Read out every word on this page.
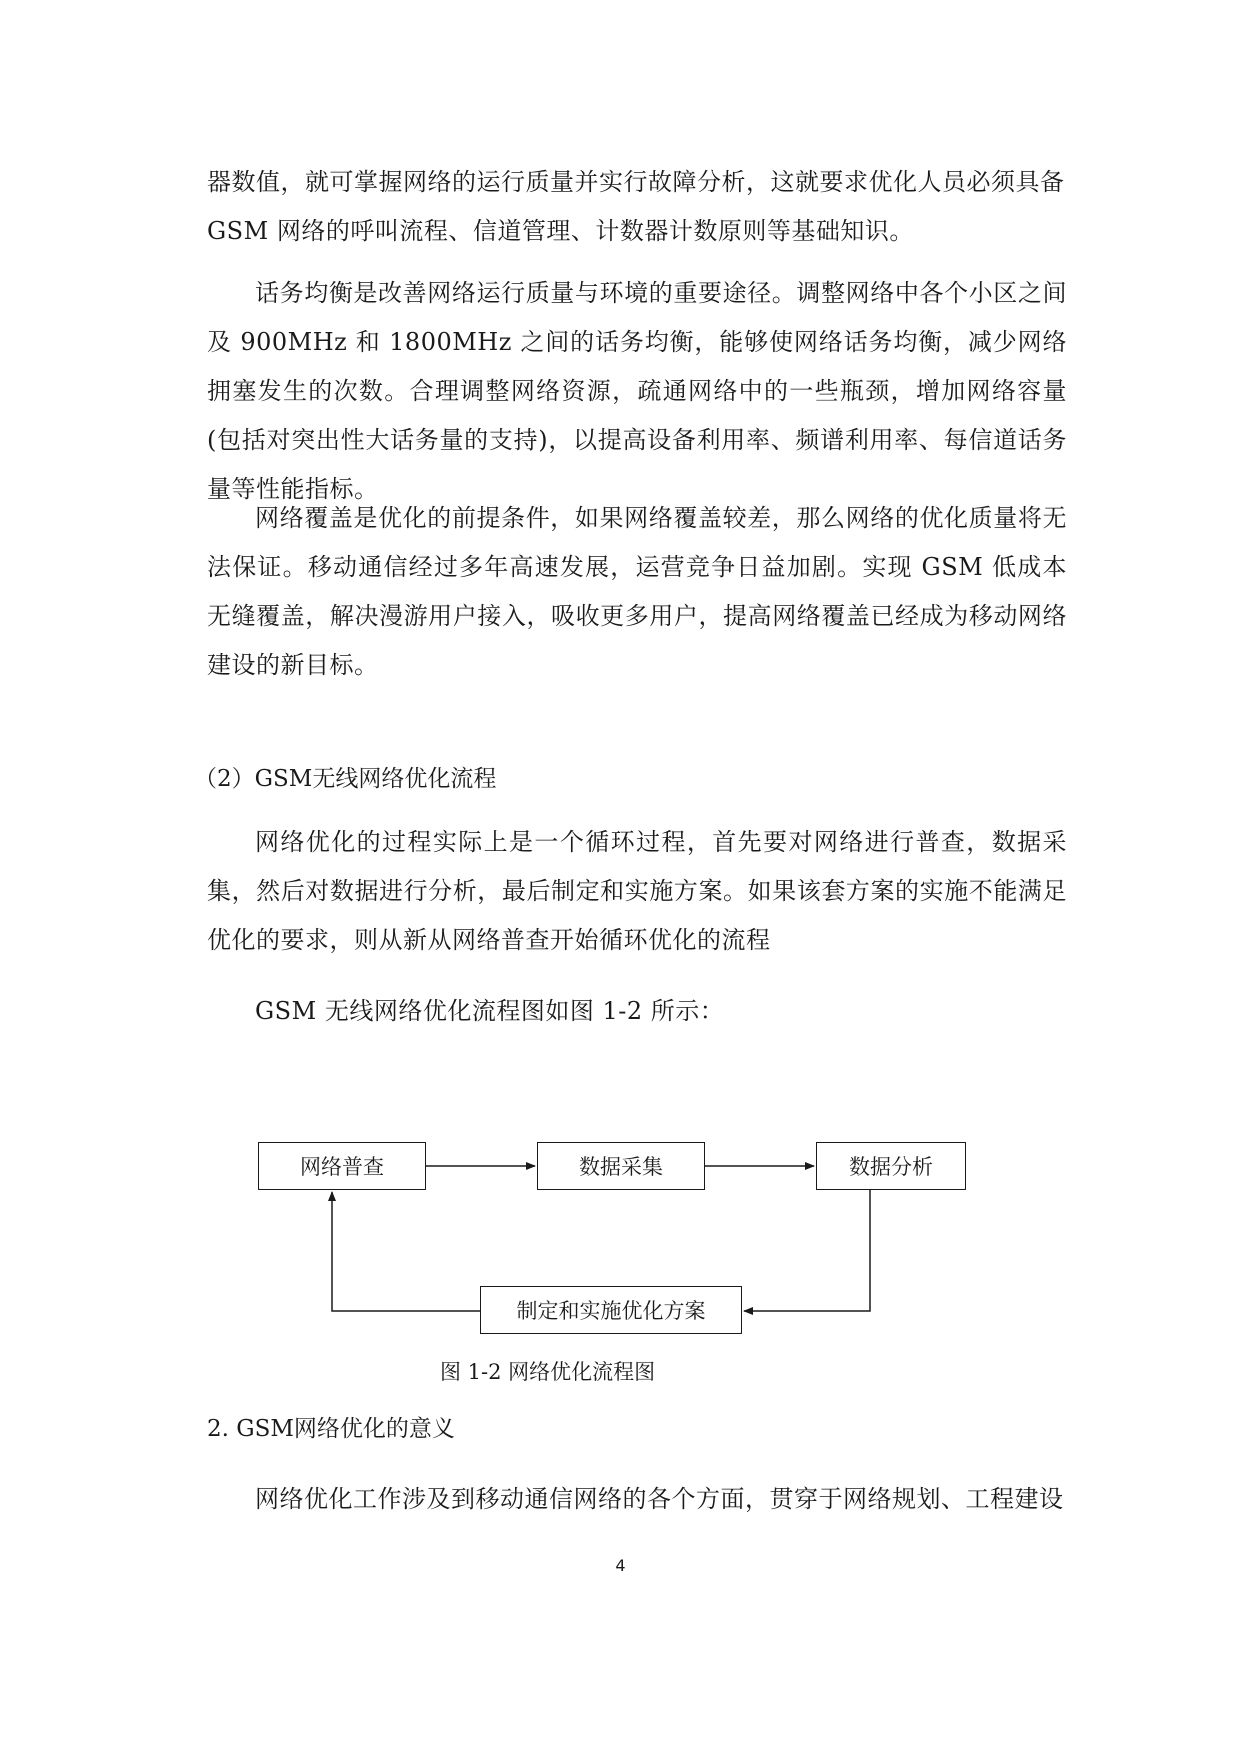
器数值，就可掌握网络的运行质量并实行故障分析，这就要求优化人员必须具备

GSM 网络的呼叫流程、信道管理、计数器计数原则等基础知识。

话务均衡是改善网络运行质量与环境的重要途径。调整网络中各个小区之间及 900MHz 和 1800MHz 之间的话务均衡，能够使网络话务均衡，减少网络拥塞发生的次数。合理调整网络资源，疏通网络中的一些瓶颈，增加网络容量(包括对突出性大话务量的支持)，以提高设备利用率、频谱利用率、每信道话务量等性能指标。

网络覆盖是优化的前提条件，如果网络覆盖较差，那么网络的优化质量将无法保证。移动通信经过多年高速发展，运营竞争日益加剧。实现 GSM 低成本无缝覆盖，解决漫游用户接入，吸收更多用户，提高网络覆盖已经成为移动网络建设的新目标。

（2）GSM无线网络优化流程

网络优化的过程实际上是一个循环过程，首先要对网络进行普查，数据采集，然后对数据进行分析，最后制定和实施方案。如果该套方案的实施不能满足优化的要求，则从新从网络普查开始循环优化的流程

GSM 无线网络优化流程图如图 1-2 所示：

网络普查	数据采集	数据分析
制定和实施优化方案
图 1-2 网络优化流程图
2. GSM网络优化的意义

网络优化工作涉及到移动通信网络的各个方面，贯穿于网络规划、工程建设

4
